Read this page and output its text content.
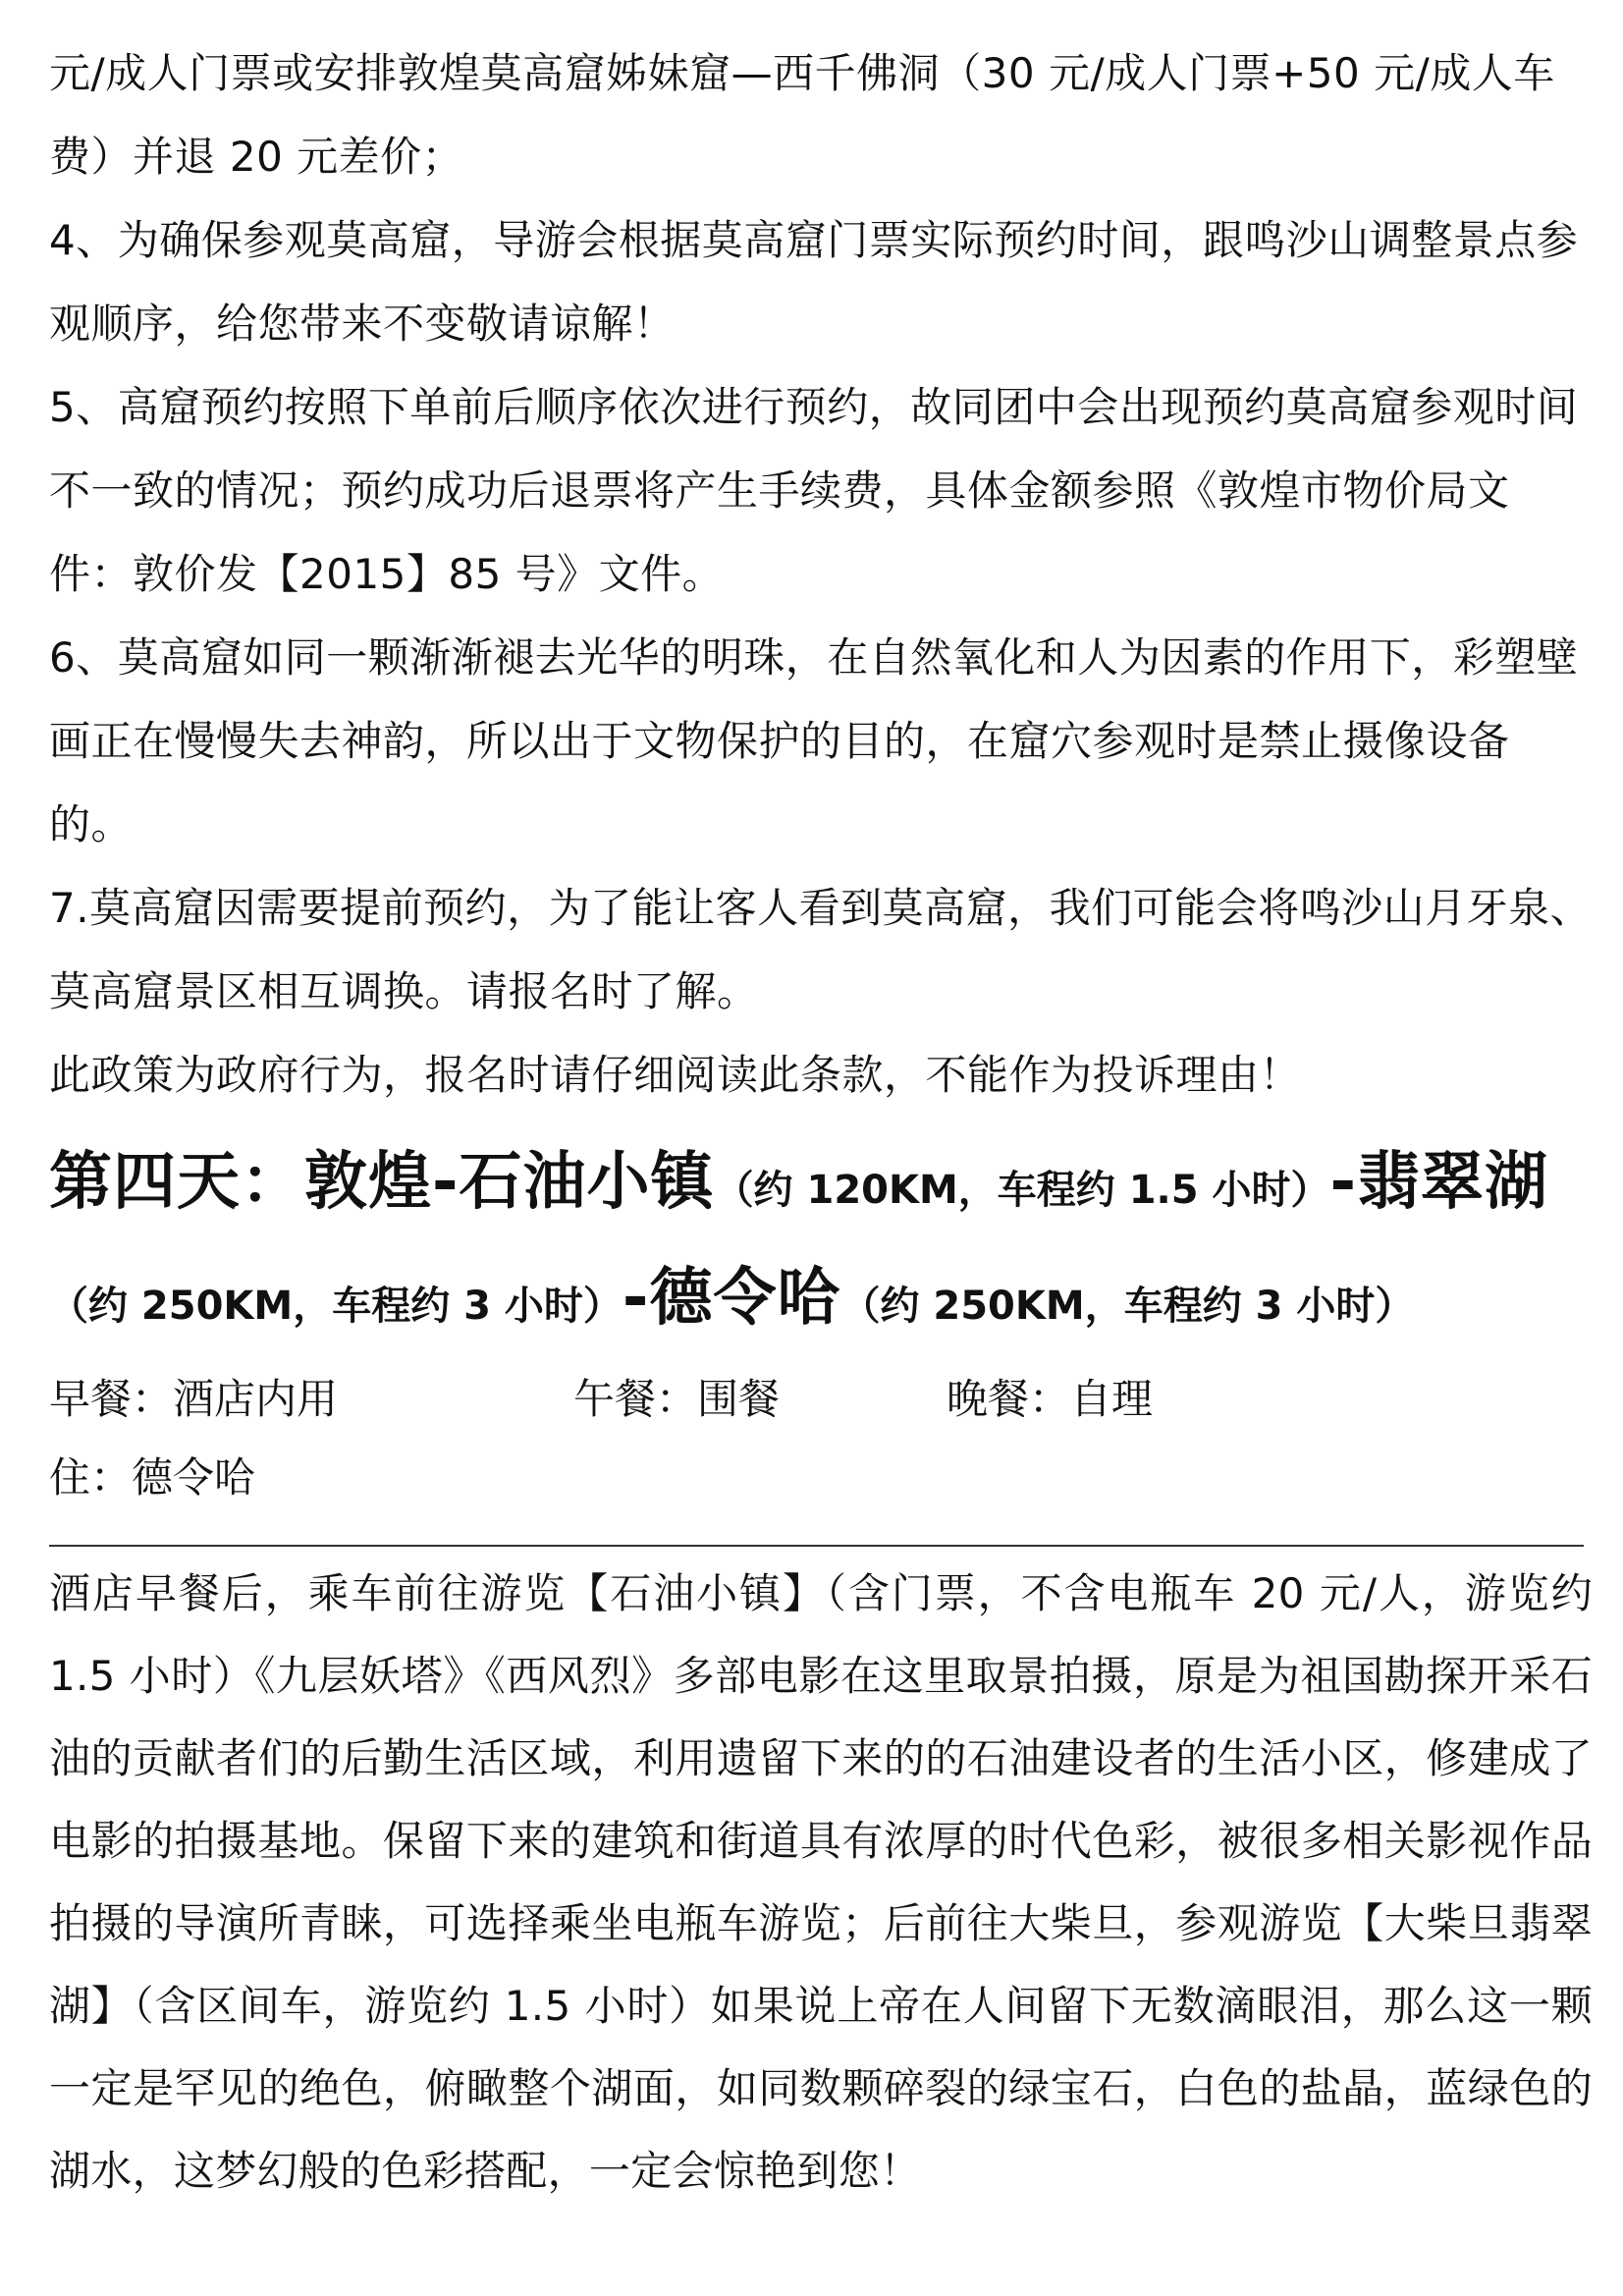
元/成人门票或安排敦煌莫高窟姊妹窟—西千佛洞（30 元/成人门票+50 元/成人车费）并退 20 元差价；

4、为确保参观莫高窟，导游会根据莫高窟门票实际预约时间，跟鸣沙山调整景点参观顺序，给您带来不变敬请谅解！

5、高窟预约按照下单前后顺序依次进行预约，故同团中会出现预约莫高窟参观时间不一致的情况；预约成功后退票将产生手续费，具体金额参照《敦煌市物价局文件：敦价发【2015】85 号》文件。

6、莫高窟如同一颗渐渐褪去光华的明珠，在自然氧化和人为因素的作用下，彩塑壁画正在慢慢失去神韵，所以出于文物保护的目的，在窟穴参观时是禁止摄像设备的。

7.莫高窟因需要提前预约，为了能让客人看到莫高窟，我们可能会将鸣沙山月牙泉、莫高窟景区相互调换。请报名时了解。

此政策为政府行为，报名时请仔细阅读此条款，不能作为投诉理由！

第四天：敦煌-石油小镇（约 120KM，车程约 1.5 小时）-翡翠湖
（约 250KM，车程约 3 小时）-德令哈（约 250KM，车程约 3 小时）
早餐：酒店内用	午餐：围餐	晚餐：自理
住：德令哈

酒店早餐后，乘车前往游览【石油小镇】（含门票，不含电瓶车 20 元/人，游览约 1.5 小时）《九层妖塔》《西风烈》多部电影在这里取景拍摄，原是为祖国勘探开采石油的贡献者们的后勤生活区域，利用遗留下来的的石油建设者的生活小区，修建成了电影的拍摄基地。保留下来的建筑和街道具有浓厚的时代色彩，被很多相关影视作品拍摄的导演所青睐，可选择乘坐电瓶车游览；后前往大柴旦，参观游览【大柴旦翡翠湖】（含区间车，游览约 1.5 小时）如果说上帝在人间留下无数滴眼泪，那么这一颗一定是罕见的绝色，俯瞰整个湖面，如同数颗碎裂的绿宝石，白色的盐晶，蓝绿色的湖水，这梦幻般的色彩搭配，一定会惊艳到您！
